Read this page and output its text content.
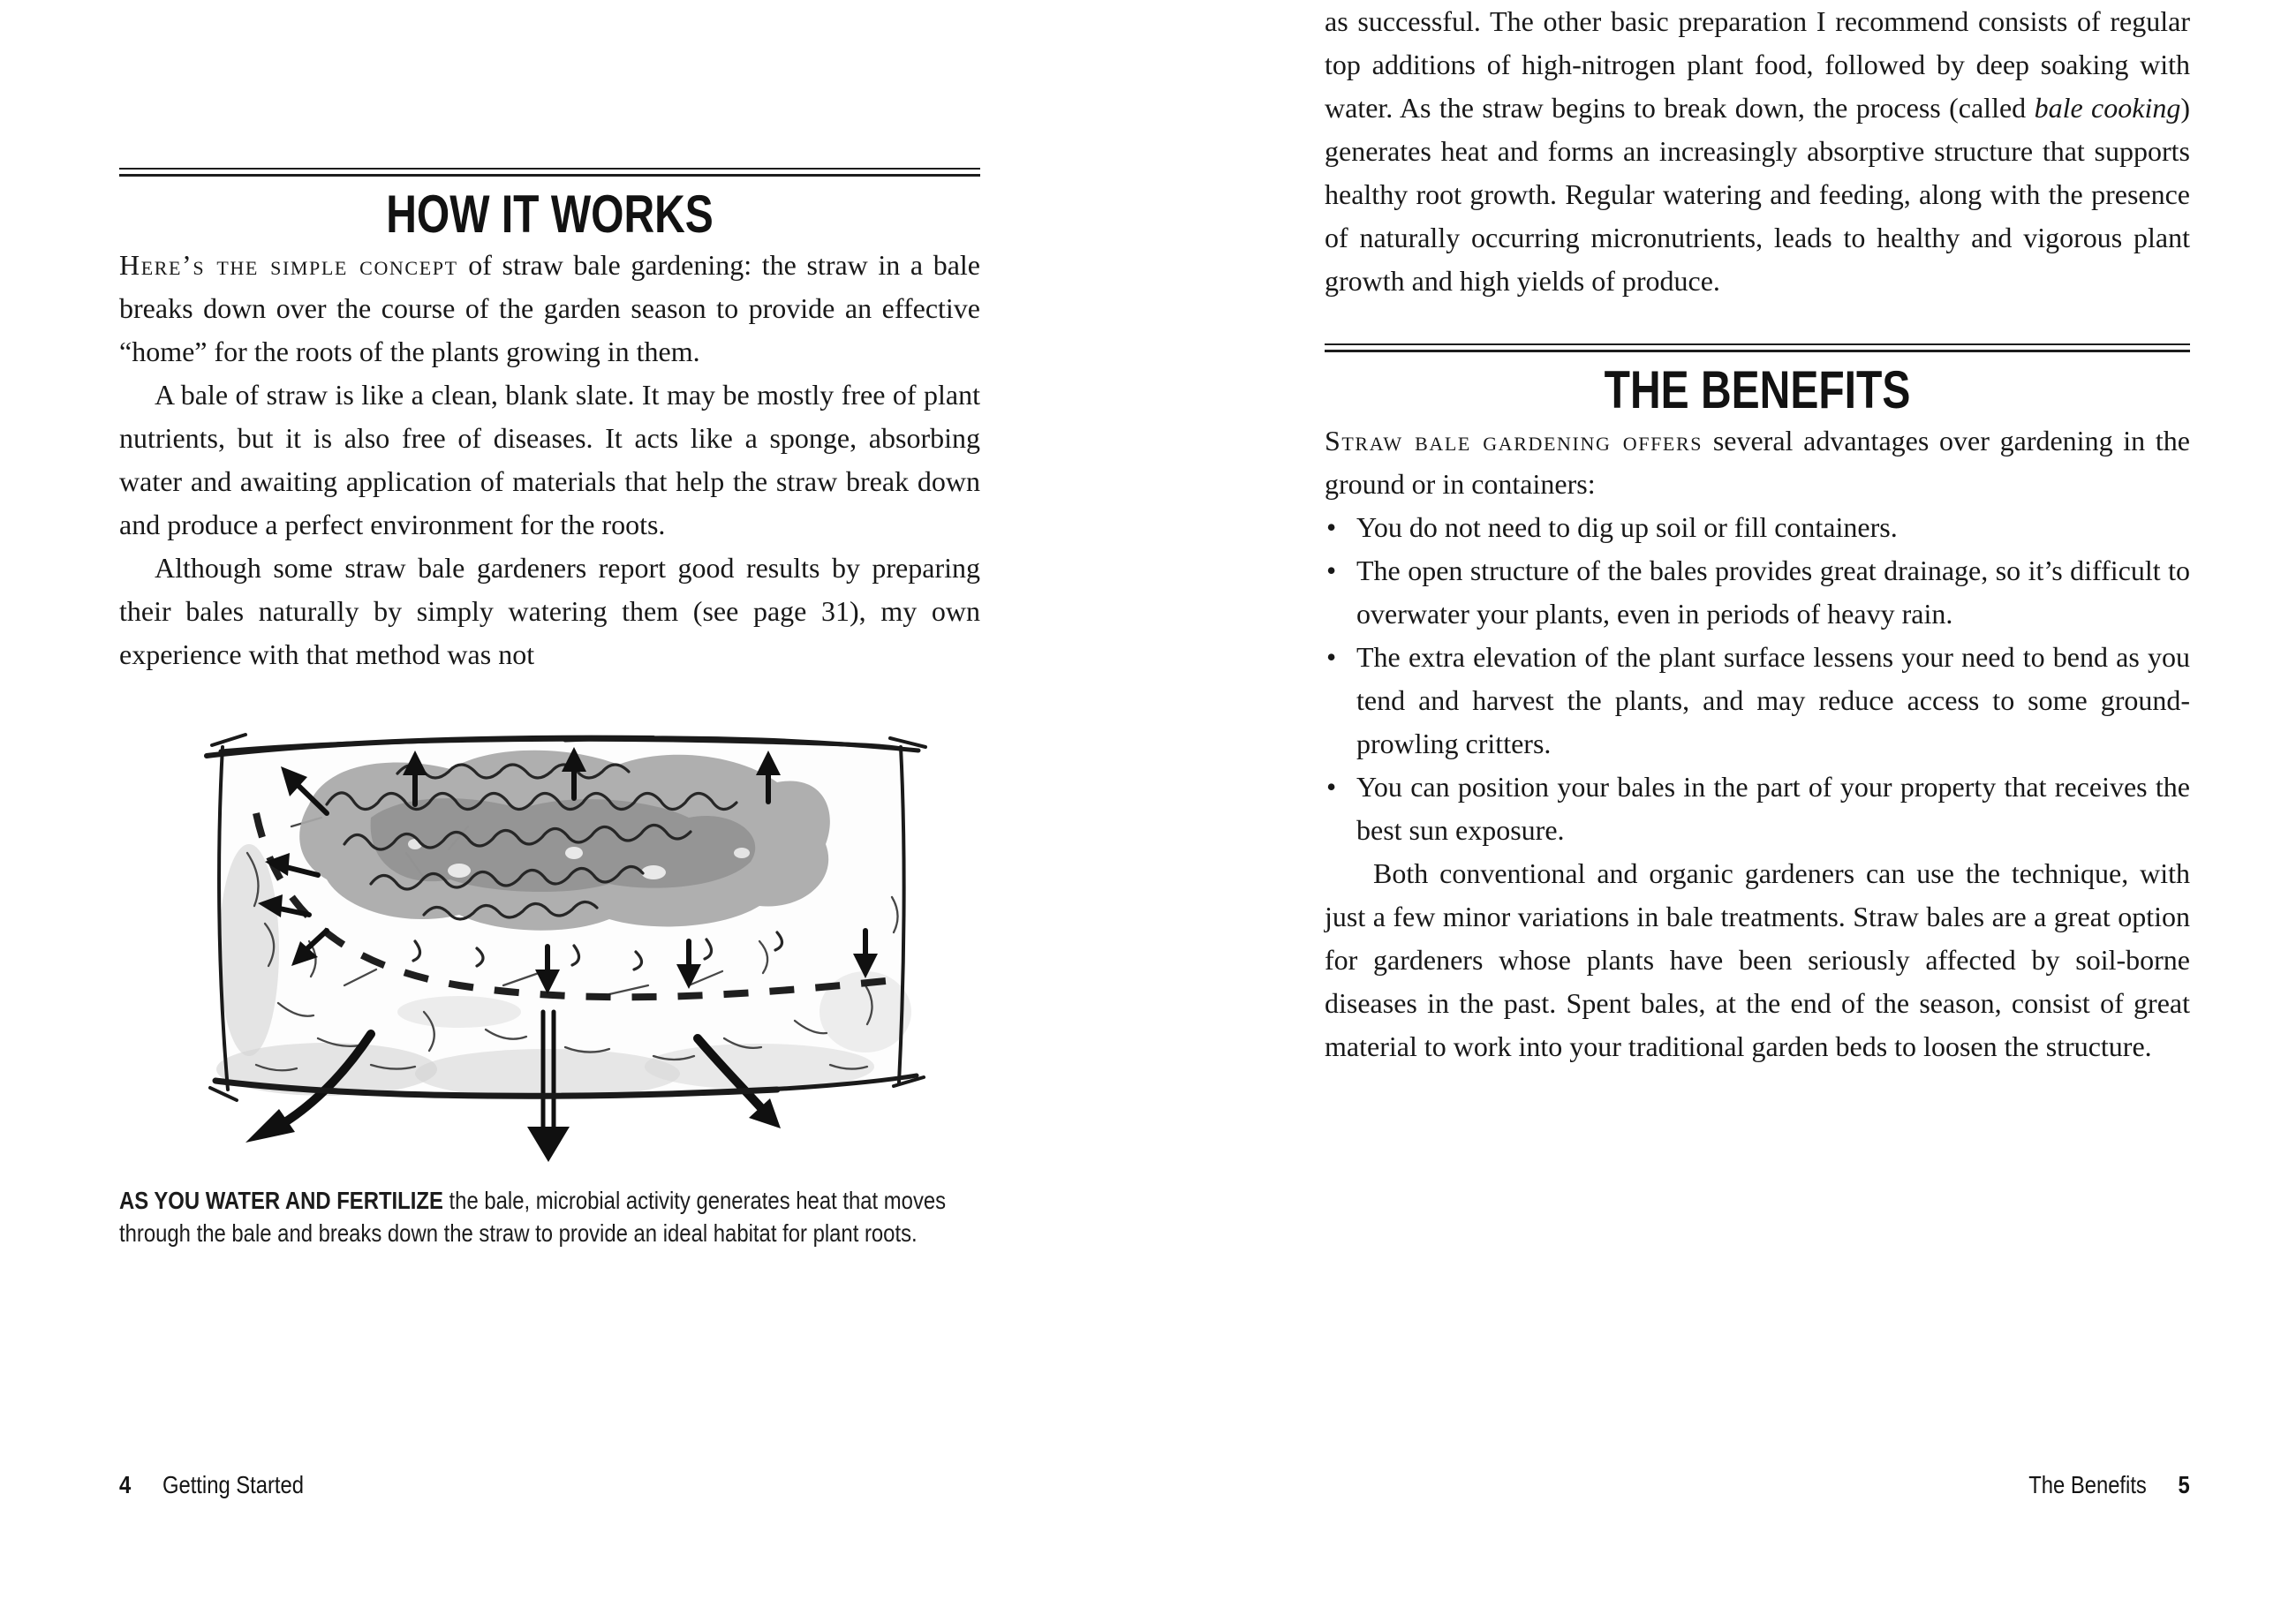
HOW IT WORKS

Here’s the simple concept of straw bale gardening: the straw in a bale breaks down over the course of the garden season to provide an effective “home” for the roots of the plants growing in them.

A bale of straw is like a clean, blank slate. It may be mostly free of plant nutrients, but it is also free of diseases. It acts like a sponge, absorbing water and awaiting application of materials that help the straw break down and produce a perfect environment for the roots.

Although some straw bale gardeners report good results by preparing their bales naturally by simply watering them (see page 31), my own experience with that method was not

AS YOU WATER AND FERTILIZE the bale, microbial activity generates heat that moves through the bale and breaks down the straw to provide an ideal habitat for plant roots.
4 Getting Started

as successful. The other basic preparation I recommend consists of regular top additions of high-nitrogen plant food, followed by deep soaking with water. As the straw begins to break down, the process (called bale cooking) generates heat and forms an increasingly absorptive structure that supports healthy root growth. Regular watering and feeding, along with the presence of naturally occurring micronutrients, leads to healthy and vigorous plant growth and high yields of produce.

THE BENEFITS

Straw bale gardening offers several advantages over gardening in the ground or in containers:

• You do not need to dig up soil or fill containers.
• The open structure of the bales provides great drainage, so it’s difficult to overwater your plants, even in periods of heavy rain.
• The extra elevation of the plant surface lessens your need to bend as you tend and harvest the plants, and may reduce access to some ground-prowling critters.
• You can position your bales in the part of your property that receives the best sun exposure.

Both conventional and organic gardeners can use the technique, with just a few minor variations in bale treatments. Straw bales are a great option for gardeners whose plants have been seriously affected by soil-borne diseases in the past. Spent bales, at the end of the season, consist of great material to work into your traditional garden beds to loosen the structure.

The Benefits 5
